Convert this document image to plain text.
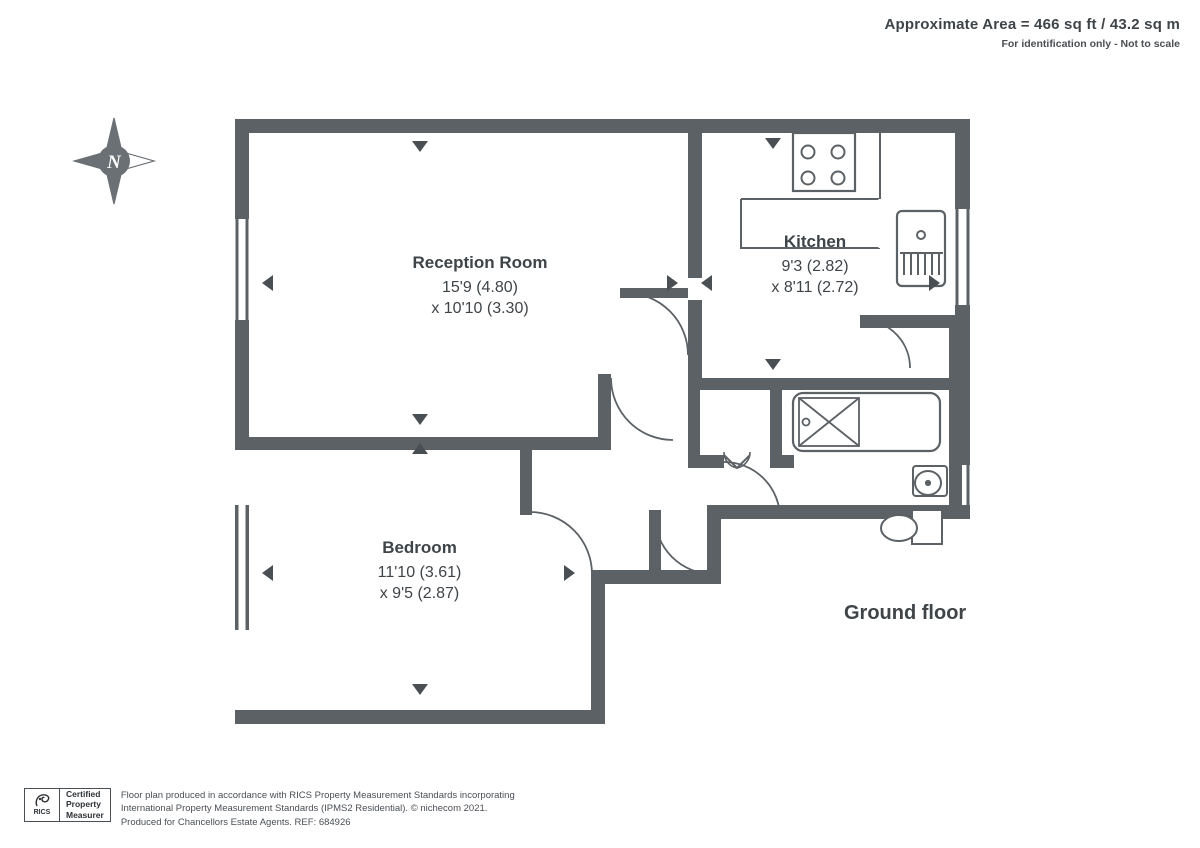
Approximate Area = 466 sq ft / 43.2 sq m
For identification only - Not to scale
N
Reception Room
15'9 (4.80)
x 10'10 (3.30)
Kitchen
9'3 (2.82)
x 8'11 (2.72)
Bedroom
11'10 (3.61)
x 9'5 (2.87)
Ground floor
RICS
Certified
Property
Measurer
Floor plan produced in accordance with RICS Property Measurement Standards incorporating
International Property Measurement Standards (IPMS2 Residential). © nichecom 2021.
Produced for Chancellors Estate Agents. REF: 684926
